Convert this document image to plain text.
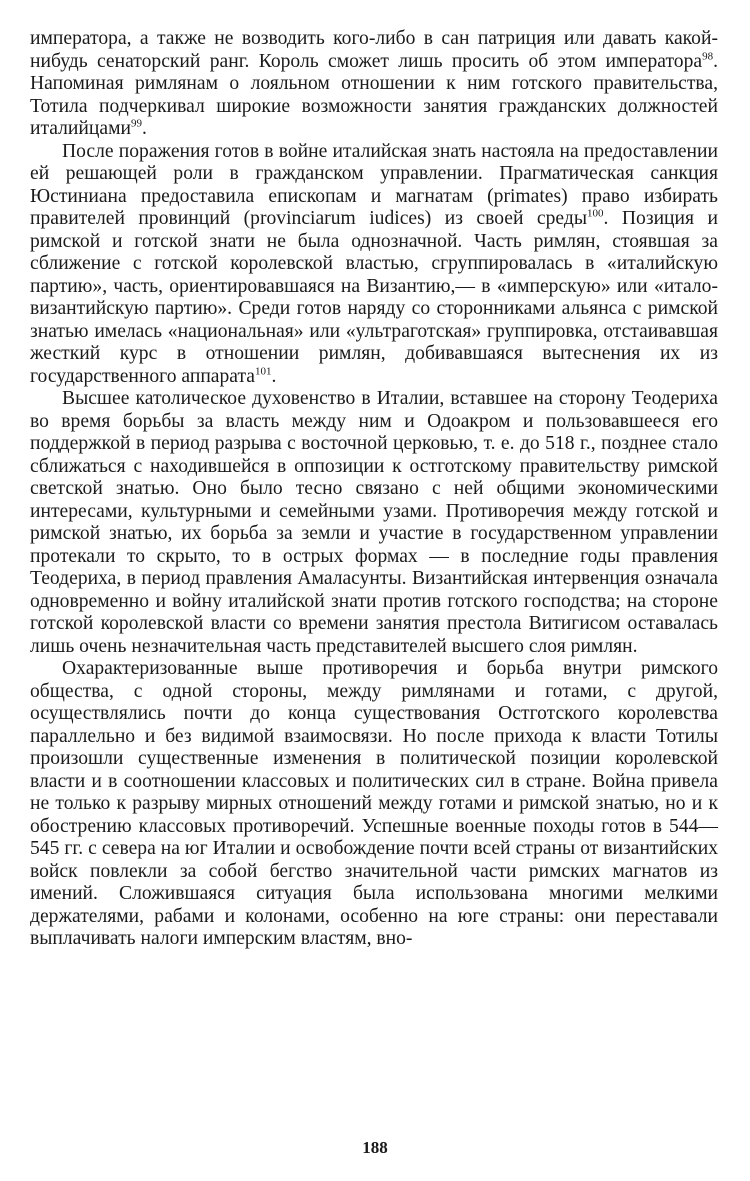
императора, а также не возводить кого-либо в сан патриция или давать какой-нибудь сенаторский ранг. Король сможет лишь просить об этом императора$^{98}$. Напоминая римлянам о лояльном отношении к ним готского правительства, Тотила подчеркивал широкие возможности занятия гражданских должностей италийцами$^{99}$.

После поражения готов в войне италийская знать настояла на предоставлении ей решающей роли в гражданском управлении. Прагматическая санкция Юстиниана предоставила епископам и магнатам (primates) право избирать правителей провинций (provinciarum iudices) из своей среды$^{100}$. Позиция и римской и готской знати не была однозначной. Часть римлян, стоявшая за сближение с готской королевской властью, сгруппировалась в «италийскую партию», часть, ориентировавшаяся на Византию,— в «имперскую» или «итало-византийскую партию». Среди готов наряду со сторонниками альянса с римской знатью имелась «национальная» или «ультраготская» группировка, отстаивавшая жесткий курс в отношении римлян, добивавшаяся вытеснения их из государственного аппарата$^{101}$.

Высшее католическое духовенство в Италии, вставшее на сторону Теодериха во время борьбы за власть между ним и Одоакром и пользовавшееся его поддержкой в период разрыва с восточной церковью, т. е. до 518 г., позднее стало сближаться с находившейся в оппозиции к остготскому правительству римской светской знатью. Оно было тесно связано с ней общими экономическими интересами, культурными и семейными узами. Противоречия между готской и римской знатью, их борьба за земли и участие в государственном управлении протекали то скрыто, то в острых формах — в последние годы правления Теодериха, в период правления Амаласунты. Византийская интервенция означала одновременно и войну италийской знати против готского господства; на стороне готской королевской власти со времени занятия престола Витигисом оставалась лишь очень незначительная часть представителей высшего слоя римлян.

Охарактеризованные выше противоречия и борьба внутри римского общества, с одной стороны, между римлянами и готами, с другой, осуществлялись почти до конца существования Остготского королевства параллельно и без видимой взаимосвязи. Но после прихода к власти Тотилы произошли существенные изменения в политической позиции королевской власти и в соотношении классовых и политических сил в стране. Война привела не только к разрыву мирных отношений между готами и римской знатью, но и к обострению классовых противоречий. Успешные военные походы готов в 544—545 гг. с севера на юг Италии и освобождение почти всей страны от византийских войск повлекли за собой бегство значительной части римских магнатов из имений. Сложившаяся ситуация была использована многими мелкими держателями, рабами и колонами, особенно на юге страны: они переставали выплачивать налоги имперским властям, вно-

188
